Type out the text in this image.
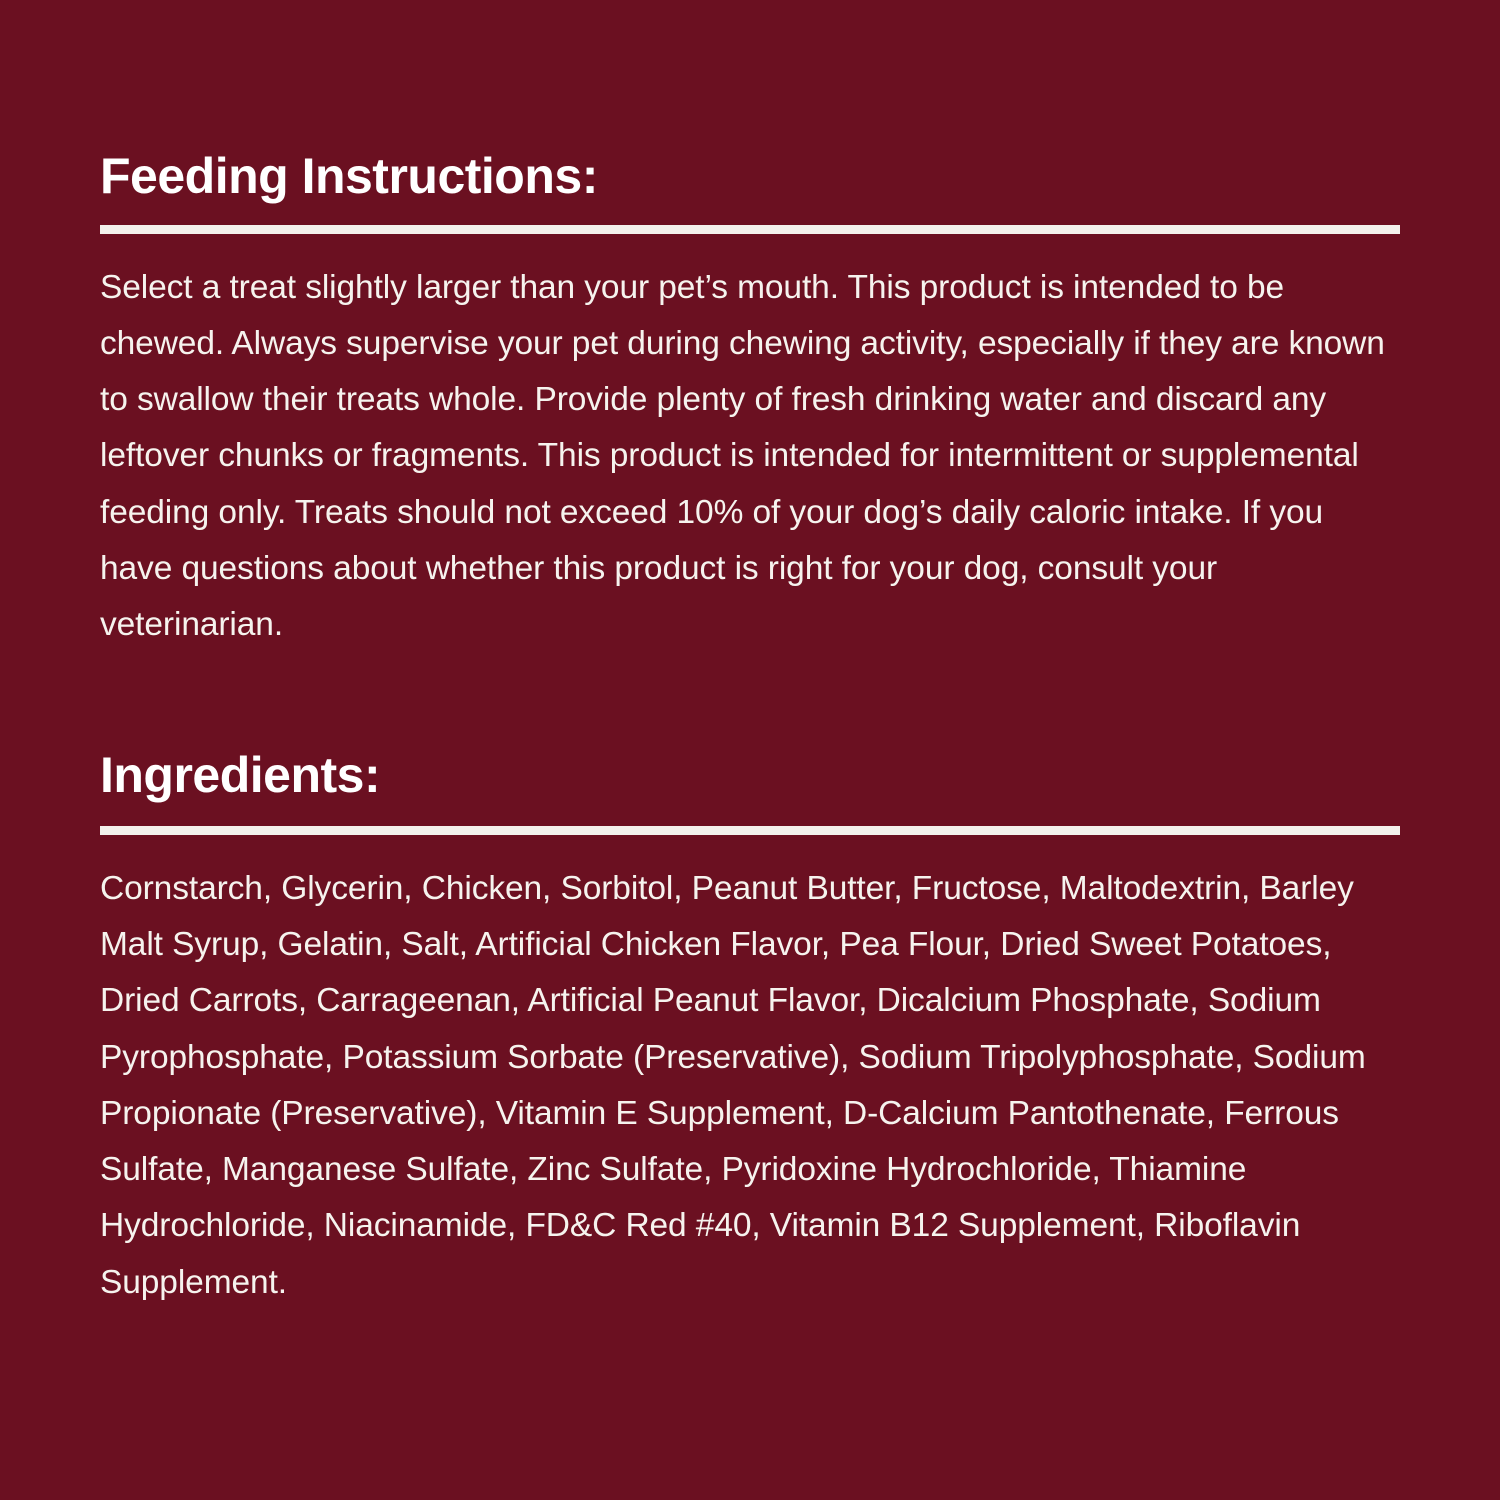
Feeding Instructions:

Select a treat slightly larger than your pet’s mouth. This product is intended to be chewed. Always supervise your pet during chewing activity, especially if they are known to swallow their treats whole. Provide plenty of fresh drinking water and discard any leftover chunks or fragments. This product is intended for intermittent or supplemental feeding only. Treats should not exceed 10% of your dog’s daily caloric intake. If you have questions about whether this product is right for your dog, consult your veterinarian.

Ingredients:

Cornstarch, Glycerin, Chicken, Sorbitol, Peanut Butter, Fructose, Maltodextrin, Barley Malt Syrup, Gelatin, Salt, Artificial Chicken Flavor, Pea Flour, Dried Sweet Potatoes, Dried Carrots, Carrageenan, Artificial Peanut Flavor, Dicalcium Phosphate, Sodium Pyrophosphate, Potassium Sorbate (Preservative), Sodium Tripolyphosphate, Sodium Propionate (Preservative), Vitamin E Supplement, D-Calcium Pantothenate, Ferrous Sulfate, Manganese Sulfate, Zinc Sulfate, Pyridoxine Hydrochloride, Thiamine Hydrochloride, Niacinamide, FD&C Red #40, Vitamin B12 Supplement, Riboflavin Supplement.
